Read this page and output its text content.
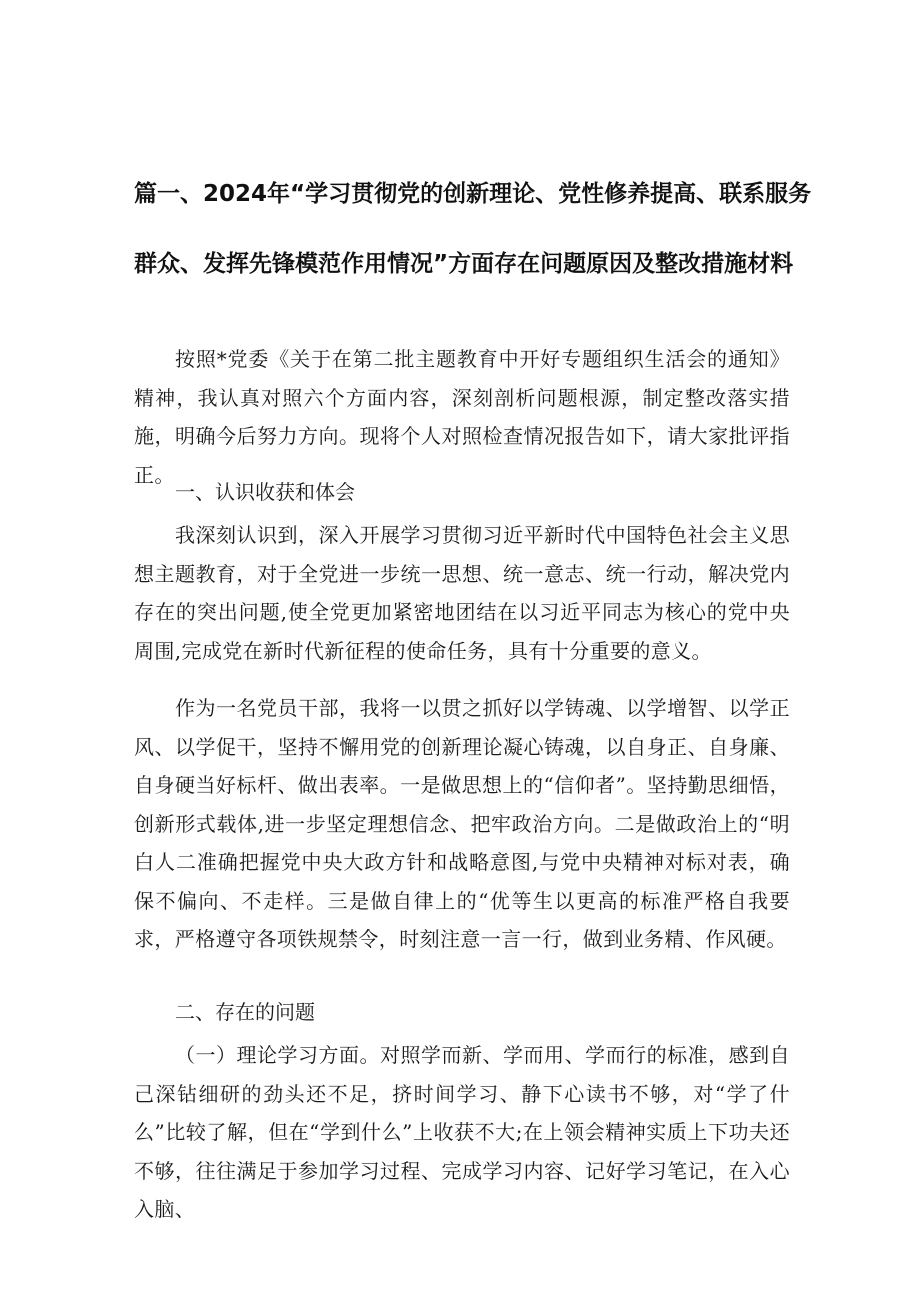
篇一、2024年“学习贯彻党的创新理论、党性修养提高、联系服务
群众、发挥先锋模范作用情况”方面存在问题原因及整改措施材料
按照*党委《关于在第二批主题教育中开好专题组织生活会的通知》精神，我认真对照六个方面内容，深刻剖析问题根源，制定整改落实措施，明确今后努力方向。现将个人对照检查情况报告如下，请大家批评指正。
一、认识收获和体会
我深刻认识到，深入开展学习贯彻习近平新时代中国特色社会主义思想主题教育，对于全党进一步统一思想、统一意志、统一行动，解决党内存在的突出问题,使全党更加紧密地团结在以习近平同志为核心的党中央周围,完成党在新时代新征程的使命任务，具有十分重要的意义。
作为一名党员干部，我将一以贯之抓好以学铸魂、以学增智、以学正风、以学促干，坚持不懈用党的创新理论凝心铸魂，以自身正、自身廉、自身硬当好标杆、做出表率。一是做思想上的“信仰者”。坚持勤思细悟，创新形式载体,进一步坚定理想信念、把牢政治方向。二是做政治上的“明白人二准确把握党中央大政方针和战略意图,与党中央精神对标对表，确保不偏向、不走样。三是做自律上的“优等生以更高的标准严格自我要求，严格遵守各项铁规禁令，时刻注意一言一行，做到业务精、作风硬。
二、存在的问题
（一）理论学习方面。对照学而新、学而用、学而行的标准，感到自己深钻细研的劲头还不足，挤时间学习、静下心读书不够，对“学了什么”比较了解，但在“学到什么”上收获不大;在上领会精神实质上下功夫还不够，往往满足于参加学习过程、完成学习内容、记好学习笔记，在入心入脑、
